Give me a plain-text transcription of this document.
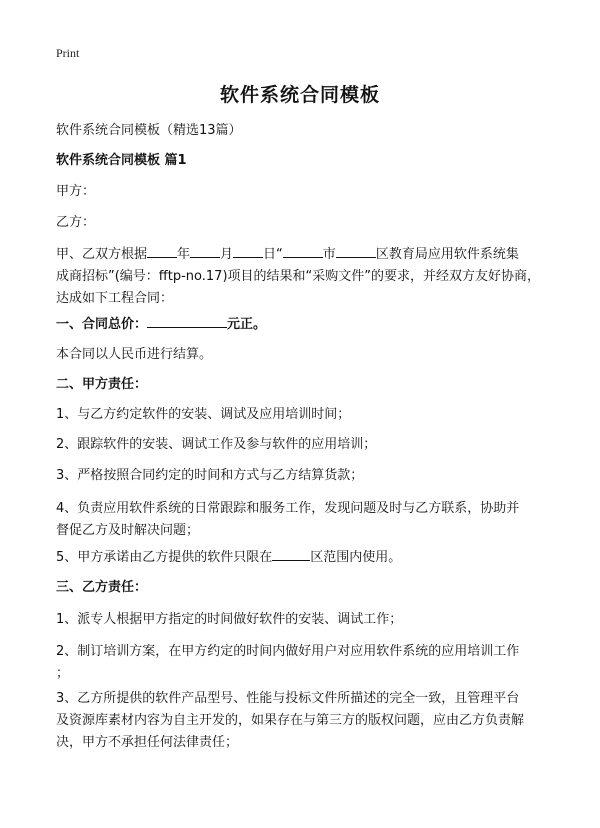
Print
软件系统合同模板
软件系统合同模板（精选13篇）
软件系统合同模板 篇1
甲方：
乙方：
甲、乙双方根据 年 月 日“	市	区教育局应用软件系统集
成商招标”(编号：fftp-no.17)项目的结果和“采购文件”的要求，并经双方友好协商，
达成如下工程合同：
一、合同总价：	元正。
本合同以人民币进行结算。
二、甲方责任：
1、与乙方约定软件的安装、调试及应用培训时间；
2、跟踪软件的安装、调试工作及参与软件的应用培训；
3、严格按照合同约定的时间和方式与乙方结算货款；
4、负责应用软件系统的日常跟踪和服务工作，发现问题及时与乙方联系，协助并
督促乙方及时解决问题；
5、甲方承诺由乙方提供的软件只限在	区范围内使用。
三、乙方责任：
1、派专人根据甲方指定的时间做好软件的安装、调试工作；
2、制订培训方案，在甲方约定的时间内做好用户对应用软件系统的应用培训工作
；
3、乙方所提供的软件产品型号、性能与投标文件所描述的完全一致，且管理平台
及资源库素材内容为自主开发的，如果存在与第三方的版权问题，应由乙方负责解
决，甲方不承担任何法律责任；
